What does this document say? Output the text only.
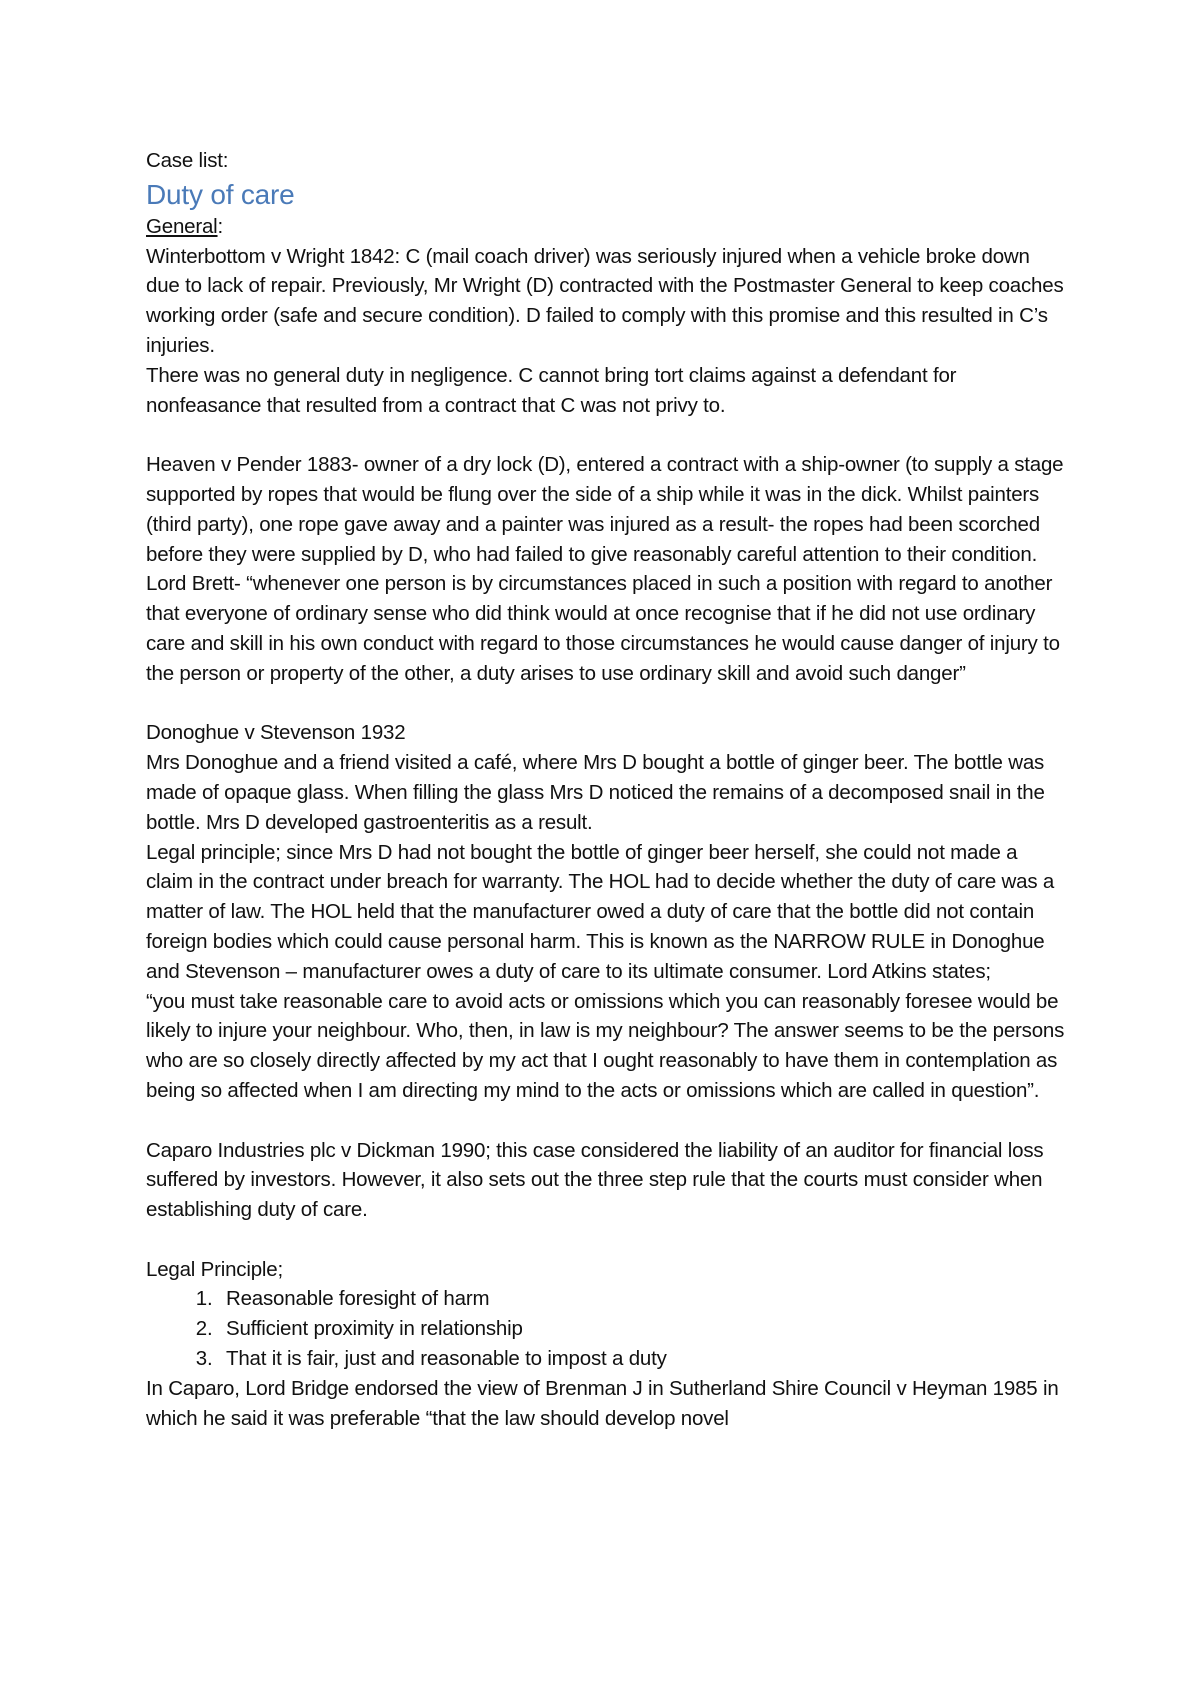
Case list:

Duty of care

General:

Winterbottom v Wright 1842: C (mail coach driver) was seriously injured when a vehicle broke down due to lack of repair. Previously, Mr Wright (D) contracted with the Postmaster General to keep coaches working order (safe and secure condition). D failed to comply with this promise and this resulted in C’s injuries.

There was no general duty in negligence. C cannot bring tort claims against a defendant for nonfeasance that resulted from a contract that C was not privy to.

Heaven v Pender 1883- owner of a dry lock (D), entered a contract with a ship-owner (to supply a stage supported by ropes that would be flung over the side of a ship while it was in the dick. Whilst painters (third party), one rope gave away and a painter was injured as a result- the ropes had been scorched before they were supplied by D, who had failed to give reasonably careful attention to their condition.

Lord Brett- “whenever one person is by circumstances placed in such a position with regard to another that everyone of ordinary sense who did think would at once recognise that if he did not use ordinary care and skill in his own conduct with regard to those circumstances he would cause danger of injury to the person or property of the other, a duty arises to use ordinary skill and avoid such danger”

Donoghue v Stevenson 1932

Mrs Donoghue and a friend visited a café, where Mrs D bought a bottle of ginger beer. The bottle was made of opaque glass. When filling the glass Mrs D noticed the remains of a decomposed snail in the bottle. Mrs D developed gastroenteritis as a result.

Legal principle; since Mrs D had not bought the bottle of ginger beer herself, she could not made a claim in the contract under breach for warranty. The HOL had to decide whether the duty of care was a matter of law. The HOL held that the manufacturer owed a duty of care that the bottle did not contain foreign bodies which could cause personal harm. This is known as the NARROW RULE in Donoghue and Stevenson – manufacturer owes a duty of care to its ultimate consumer. Lord Atkins states;

“you must take reasonable care to avoid acts or omissions which you can reasonably foresee would be likely to injure your neighbour. Who, then, in law is my neighbour? The answer seems to be the persons who are so closely directly affected by my act that I ought reasonably to have them in contemplation as being so affected when I am directing my mind to the acts or omissions which are called in question”.

Caparo Industries plc v Dickman 1990; this case considered the liability of an auditor for financial loss suffered by investors. However, it also sets out the three step rule that the courts must consider when establishing duty of care.

Legal Principle;

1. Reasonable foresight of harm
2. Sufficient proximity in relationship
3. That it is fair, just and reasonable to impost a duty

In Caparo, Lord Bridge endorsed the view of Brenman J in Sutherland Shire Council v Heyman 1985 in which he said it was preferable “that the law should develop novel
